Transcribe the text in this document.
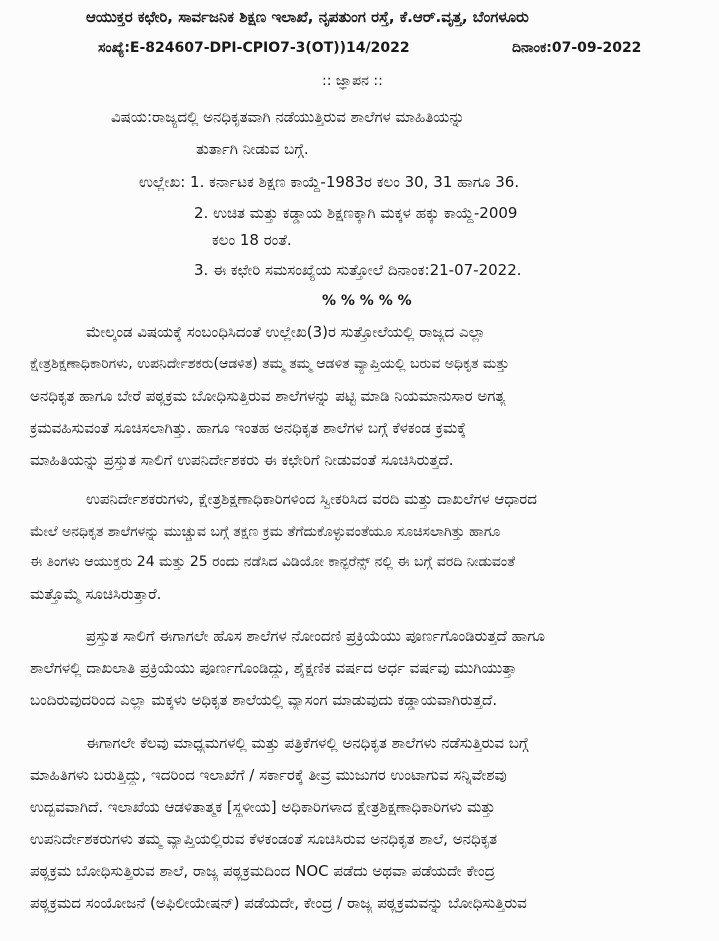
ಆಯುಕ್ತರ ಕಛೇರಿ, ಸಾರ್ವಜನಿಕ ಶಿಕ್ಷಣ ಇಲಾಖೆ, ನೃಪತುಂಗ ರಸ್ತೆ, ಕೆ.ಆರ್.ವೃತ್ತ, ಬೆಂಗಳೂರು
ಸಂಖ್ಯೆ:E-824607-DPI-CPIO7-3(OT))14/2022	ದಿನಾಂಕ:07-09-2022
:: ಜ್ಞಾಪನ ::
ವಿಷಯ:ರಾಜ್ಯದಲ್ಲಿ ಅನಧಿಕೃತವಾಗಿ ನಡೆಯುತ್ತಿರುವ ಶಾಲೆಗಳ ಮಾಹಿತಿಯನ್ನು
ತುರ್ತಾಗಿ ನೀಡುವ ಬಗ್ಗೆ.
ಉಲ್ಲೇಖ: 1. ಕರ್ನಾಟಕ ಶಿಕ್ಷಣ ಕಾಯ್ದೆ-1983ರ ಕಲಂ 30, 31 ಹಾಗೂ 36.
2. ಉಚಿತ ಮತ್ತು ಕಡ್ಡಾಯ ಶಿಕ್ಷಣಕ್ಕಾಗಿ ಮಕ್ಕಳ ಹಕ್ಕು ಕಾಯ್ದೆ-2009
ಕಲಂ 18 ರಂತೆ.
3. ಈ ಕಛೇರಿ ಸಮಸಂಖ್ಯೆಯ ಸುತ್ತೋಲೆ ದಿನಾಂಕ:21-07-2022.
% % % % %
ಮೇಲ್ಕಂಡ ವಿಷಯಕ್ಕೆ ಸಂಬಂಧಿಸಿದಂತೆ ಉಲ್ಲೇಖ(3)ರ ಸುತ್ತೋಲೆಯಲ್ಲಿ ರಾಜ್ಯದ ಎಲ್ಲಾ
ಕ್ಷೇತ್ರಶಿಕ್ಷಣಾಧಿಕಾರಿಗಳು, ಉಪನಿರ್ದೇಶಕರು(ಆಡಳಿತ) ತಮ್ಮ ತಮ್ಮ ಆಡಳಿತ ವ್ಯಾಪ್ತಿಯಲ್ಲಿ ಬರುವ ಅಧಿಕೃತ ಮತ್ತು
ಅನಧಿಕೃತ ಹಾಗೂ ಬೇರೆ ಪಠ್ಯಕ್ರಮ ಬೋಧಿಸುತ್ತಿರುವ ಶಾಲೆಗಳನ್ನು ಪಟ್ಟಿ ಮಾಡಿ ನಿಯಮಾನುಸಾರ ಅಗತ್ಯ
ಕ್ರಮವಹಿಸುವಂತೆ ಸೂಚಿಸಲಾಗಿತ್ತು. ಹಾಗೂ ಇಂತಹ ಅನಧಿಕೃತ ಶಾಲೆಗಳ ಬಗ್ಗೆ ಕೆಳಕಂಡ ಕ್ರಮಕ್ಕೆ
ಮಾಹಿತಿಯನ್ನು ಪ್ರಸ್ತುತ ಸಾಲಿಗೆ ಉಪನಿರ್ದೇಶಕರು ಈ ಕಛೇರಿಗೆ ನೀಡುವಂತೆ ಸೂಚಿಸಿರುತ್ತದೆ.
ಉಪನಿರ್ದೇಶಕರುಗಳು, ಕ್ಷೇತ್ರಶಿಕ್ಷಣಾಧಿಕಾರಿಗಳಿಂದ ಸ್ವೀಕರಿಸಿದ ವರದಿ ಮತ್ತು ದಾಖಲೆಗಳ ಆಧಾರದ
ಮೇಲೆ ಅನಧಿಕೃತ ಶಾಲೆಗಳನ್ನು ಮುಚ್ಚುವ ಬಗ್ಗೆ ತಕ್ಷಣ ಕ್ರಮ ತೆಗೆದುಕೊಳ್ಳುವಂತೆಯೂ ಸೂಚಿಸಲಾಗಿತ್ತು ಹಾಗೂ
ಈ ತಿಂಗಳು ಆಯುಕ್ತರು 24 ಮತ್ತು 25 ರಂದು ನಡೆಸಿದ ವಿಡಿಯೋ ಕಾನ್ಫರೆನ್ಸ್ ನಲ್ಲಿ ಈ ಬಗ್ಗೆ ವರದಿ ನೀಡುವಂತೆ
ಮತ್ತೊಮ್ಮೆ ಸೂಚಿಸಿರುತ್ತಾರೆ.
ಪ್ರಸ್ತುತ ಸಾಲಿಗೆ ಈಗಾಗಲೇ ಹೊಸ ಶಾಲೆಗಳ ನೋಂದಣಿ ಪ್ರಕ್ರಿಯೆಯು ಪೂರ್ಣಗೊಂಡಿರುತ್ತದೆ ಹಾಗೂ
ಶಾಲೆಗಳಲ್ಲಿ ದಾಖಲಾತಿ ಪ್ರಕ್ರಿಯೆಯು ಪೂರ್ಣಗೊಂಡಿದ್ದು, ಶೈಕ್ಷಣಿಕ ವರ್ಷದ ಅರ್ಧ ವರ್ಷವು ಮುಗಿಯುತ್ತಾ
ಬಂದಿರುವುದರಿಂದ ಎಲ್ಲಾ ಮಕ್ಕಳು ಅಧಿಕೃತ ಶಾಲೆಯಲ್ಲಿ ವ್ಯಾಸಂಗ ಮಾಡುವುದು ಕಡ್ಡಾಯವಾಗಿರುತ್ತದೆ.
ಈಗಾಗಲೇ ಕೆಲವು ಮಾಧ್ಯಮಗಳಲ್ಲಿ ಮತ್ತು ಪತ್ರಿಕೆಗಳಲ್ಲಿ ಅನಧಿಕೃತ ಶಾಲೆಗಳು ನಡೆಸುತ್ತಿರುವ ಬಗ್ಗೆ
ಮಾಹಿತಿಗಳು ಬರುತ್ತಿದ್ದು, ಇದರಿಂದ ಇಲಾಖೆಗೆ / ಸರ್ಕಾರಕ್ಕೆ ತೀವ್ರ ಮುಜುಗರ ಉಂಟಾಗುವ ಸನ್ನಿವೇಶವು
ಉದ್ಭವವಾಗಿದೆ. ಇಲಾಖೆಯ ಆಡಳಿತಾತ್ಮಕ [ಸ್ಥಳೀಯ] ಅಧಿಕಾರಿಗಳಾದ ಕ್ಷೇತ್ರಶಿಕ್ಷಣಾಧಿಕಾರಿಗಳು ಮತ್ತು
ಉಪನಿರ್ದೇಶಕರುಗಳು ತಮ್ಮ ವ್ಯಾಪ್ತಿಯಲ್ಲಿರುವ ಕೆಳಕಂಡಂತೆ ಸೂಚಿಸಿರುವ ಅನಧಿಕೃತ ಶಾಲೆ, ಅನಧಿಕೃತ
ಪಠ್ಯಕ್ರಮ ಬೋಧಿಸುತ್ತಿರುವ ಶಾಲೆ, ರಾಜ್ಯ ಪಠ್ಯಕ್ರಮದಿಂದ NOC ಪಡೆದು ಅಥವಾ ಪಡೆಯದೇ ಕೇಂದ್ರ
ಪಠ್ಯಕ್ರಮದ ಸಂಯೋಜನೆ (ಅಫಿಲೀಯೇಷನ್) ಪಡೆಯದೇ, ಕೇಂದ್ರ / ರಾಜ್ಯ ಪಠ್ಯಕ್ರಮವನ್ನು ಬೋಧಿಸುತ್ತಿರುವ
